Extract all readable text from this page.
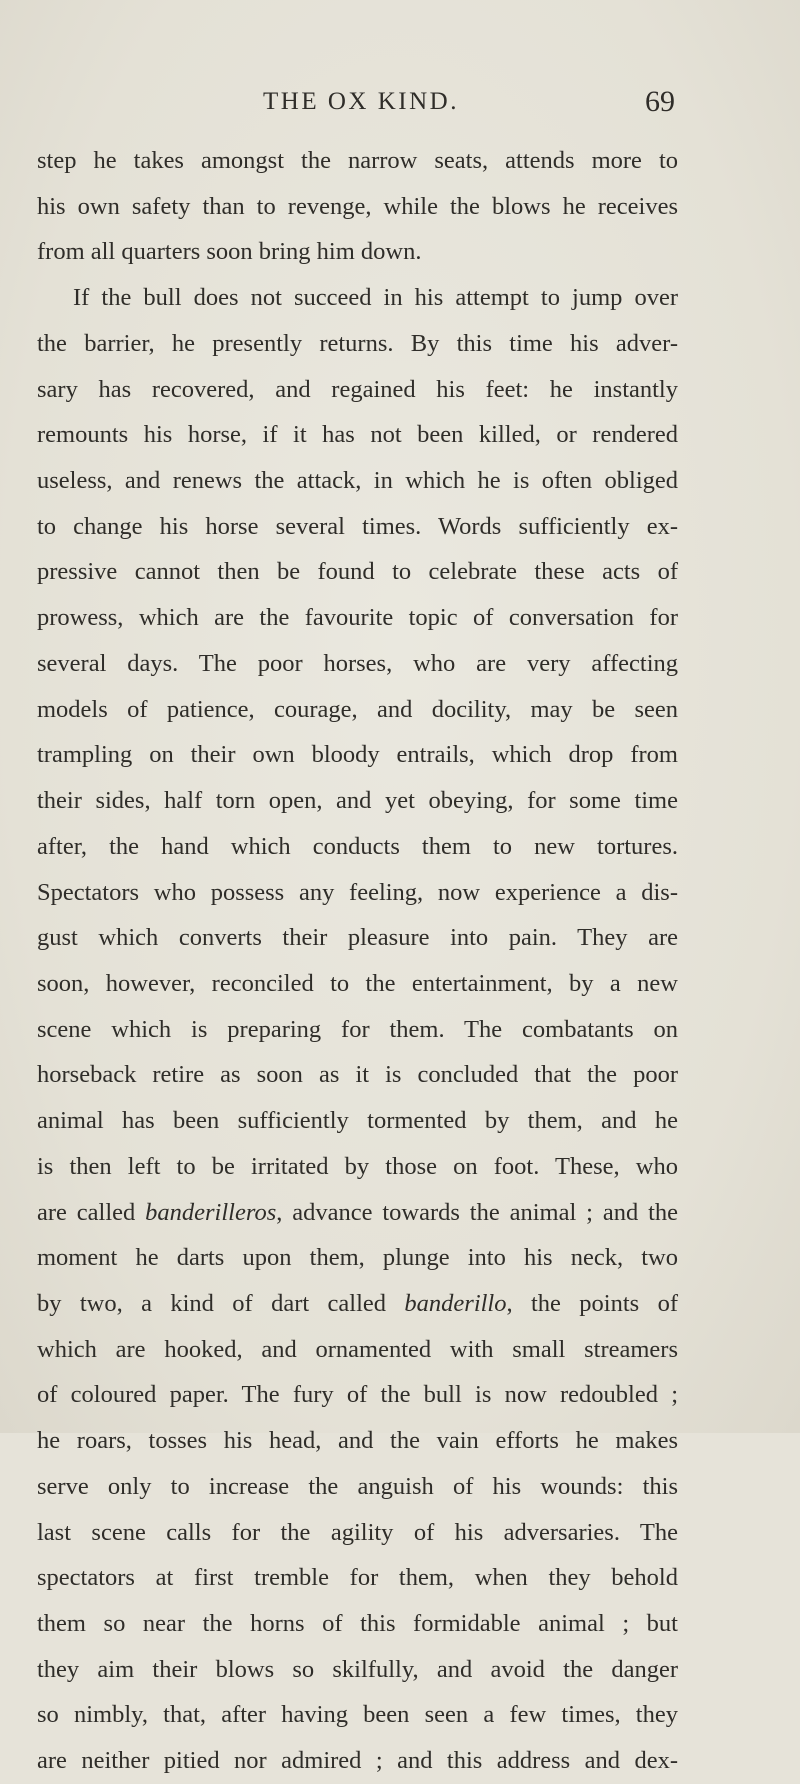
THE OX KIND.	69
step he takes amongst the narrow seats, attends more to
his own safety than to revenge, while the blows he receives
from all quarters soon bring him down.
If the bull does not succeed in his attempt to jump over
the barrier, he presently returns. By this time his adver-
sary has recovered, and regained his feet: he instantly
remounts his horse, if it has not been killed, or rendered
useless, and renews the attack, in which he is often obliged
to change his horse several times. Words sufficiently ex-
pressive cannot then be found to celebrate these acts of
prowess, which are the favourite topic of conversation for
several days. The poor horses, who are very affecting
models of patience, courage, and docility, may be seen
trampling on their own bloody entrails, which drop from
their sides, half torn open, and yet obeying, for some time
after, the hand which conducts them to new tortures.
Spectators who possess any feeling, now experience a dis-
gust which converts their pleasure into pain. They are
soon, however, reconciled to the entertainment, by a new
scene which is preparing for them. The combatants on
horseback retire as soon as it is concluded that the poor
animal has been sufficiently tormented by them, and he
is then left to be irritated by those on foot. These, who
are called banderilleros, advance towards the animal ; and the
moment he darts upon them, plunge into his neck, two
by two, a kind of dart called banderillo, the points of
which are hooked, and ornamented with small streamers
of coloured paper. The fury of the bull is now redoubled ;
he roars, tosses his head, and the vain efforts he makes
serve only to increase the anguish of his wounds: this
last scene calls for the agility of his adversaries. The
spectators at first tremble for them, when they behold
them so near the horns of this formidable animal ; but
they aim their blows so skilfully, and avoid the danger
so nimbly, that, after having been seen a few times, they
are neither pitied nor admired ; and this address and dex-
